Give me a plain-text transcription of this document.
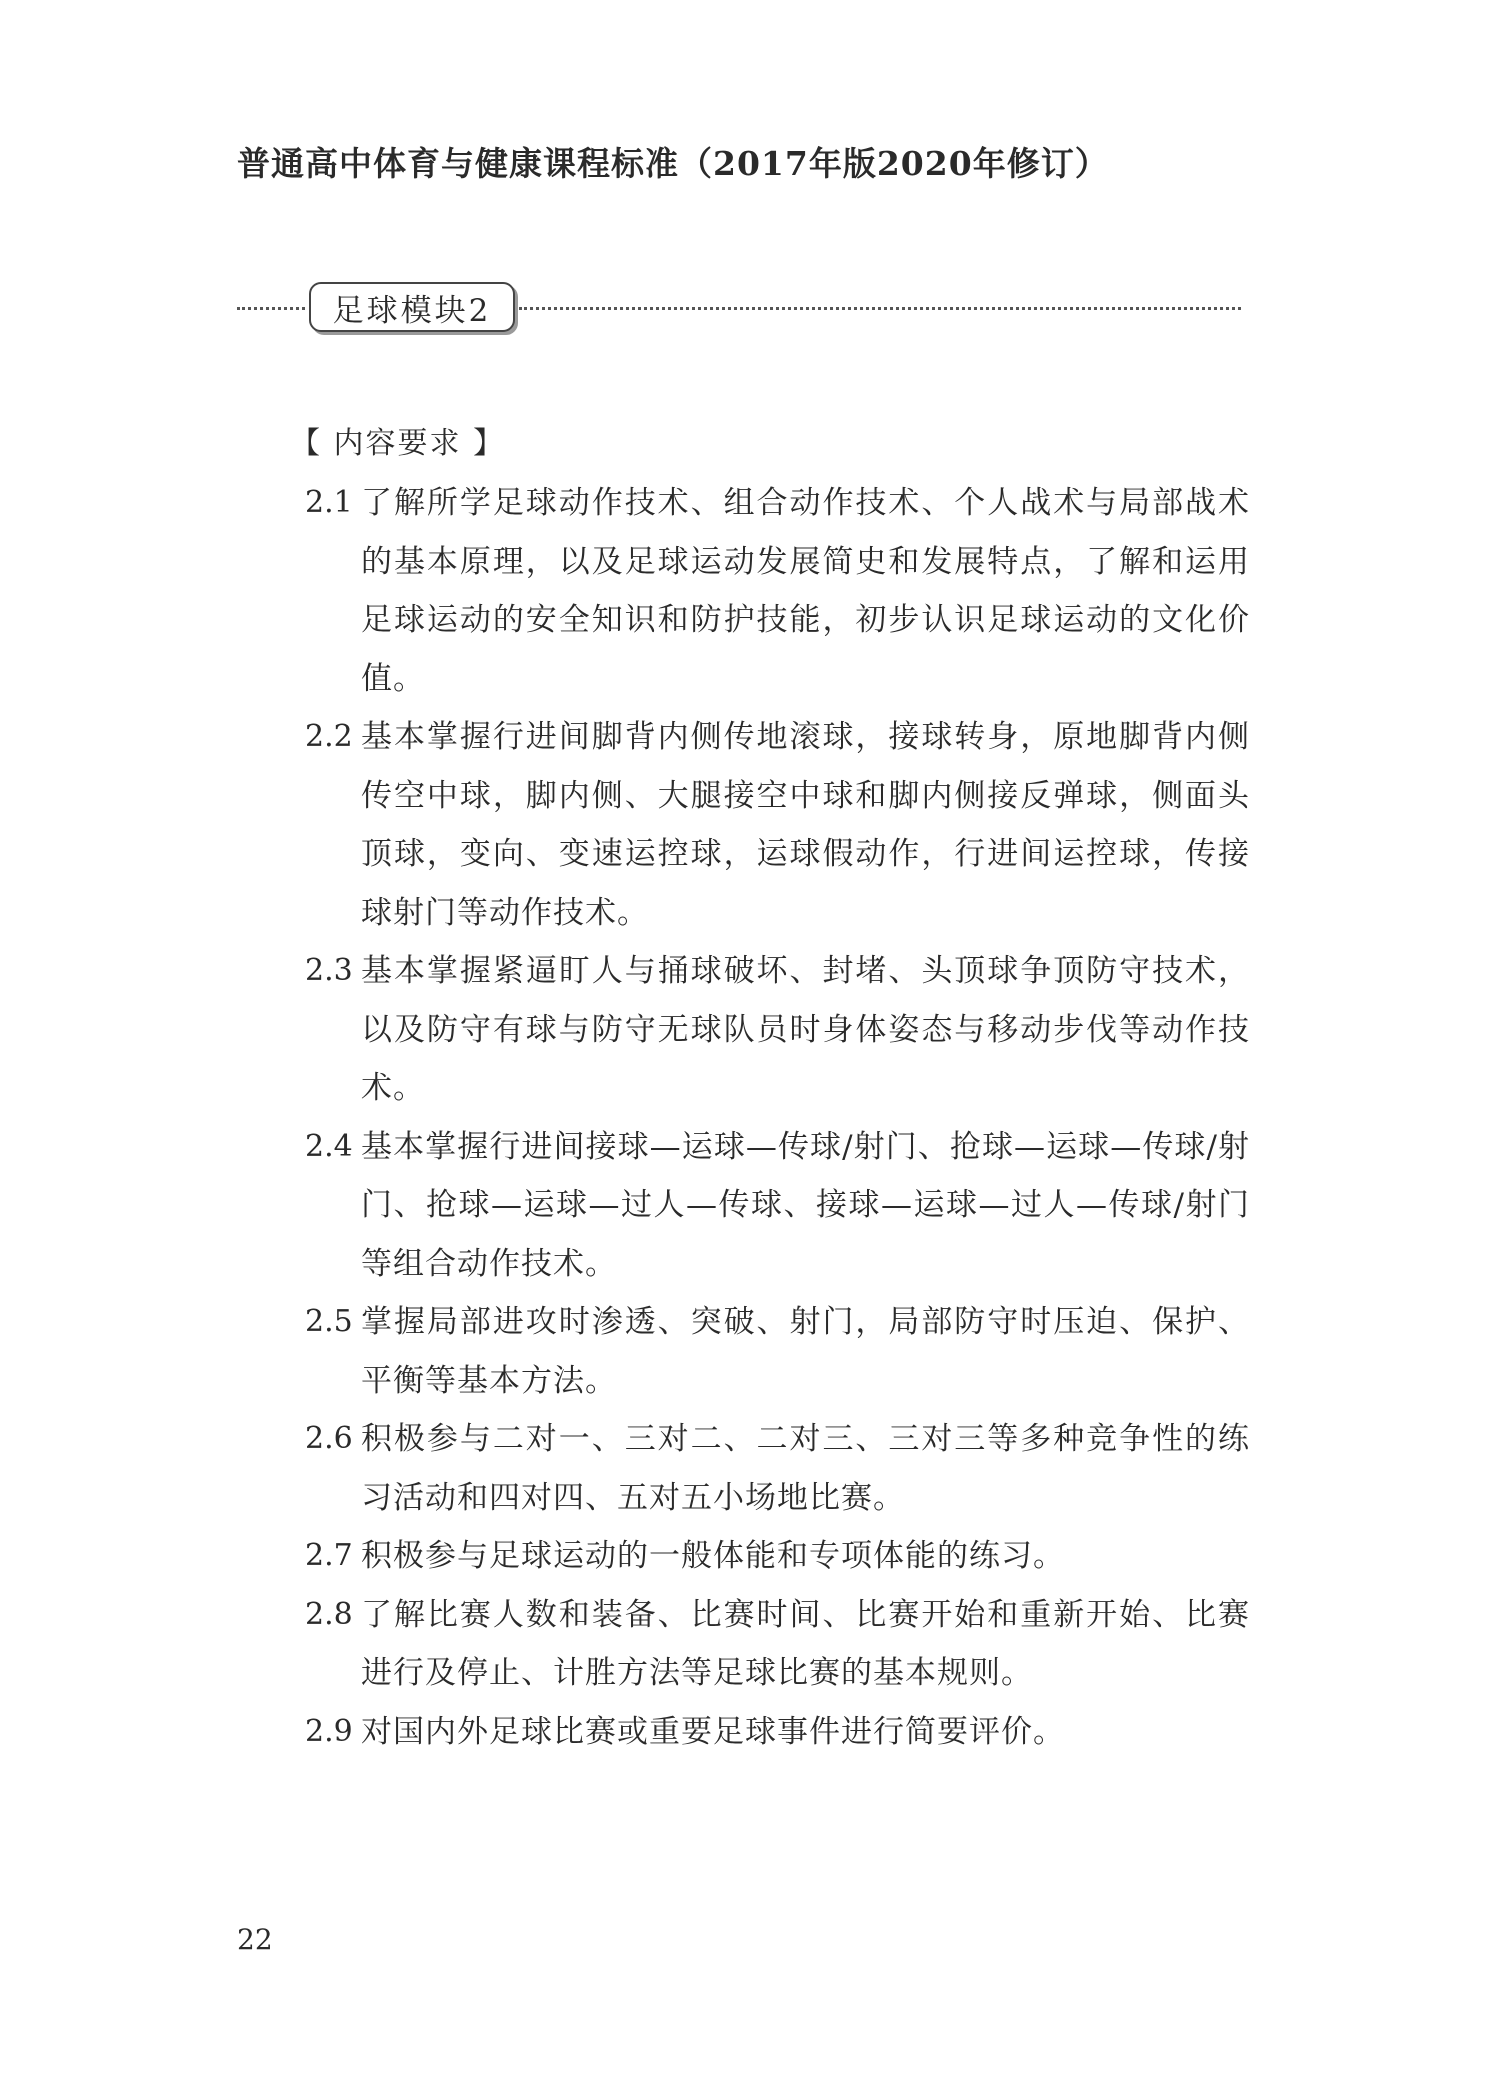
普通高中体育与健康课程标准（2017年版2020年修订）
足球模块2
【 内容要求 】
2.1 了解所学足球动作技术、组合动作技术、个人战术与局部战术的基本原理，以及足球运动发展简史和发展特点，了解和运用足球运动的安全知识和防护技能，初步认识足球运动的文化价值。
2.2 基本掌握行进间脚背内侧传地滚球，接球转身，原地脚背内侧传空中球，脚内侧、大腿接空中球和脚内侧接反弹球，侧面头顶球，变向、变速运控球，运球假动作，行进间运控球，传接球射门等动作技术。
2.3 基本掌握紧逼盯人与捅球破坏、封堵、头顶球争顶防守技术，以及防守有球与防守无球队员时身体姿态与移动步伐等动作技术。
2.4 基本掌握行进间接球—运球—传球/射门、抢球—运球—传球/射门、抢球—运球—过人—传球、接球—运球—过人—传球/射门等组合动作技术。
2.5 掌握局部进攻时渗透、突破、射门，局部防守时压迫、保护、平衡等基本方法。
2.6 积极参与二对一、三对二、二对三、三对三等多种竞争性的练习活动和四对四、五对五小场地比赛。
2.7 积极参与足球运动的一般体能和专项体能的练习。
2.8 了解比赛人数和装备、比赛时间、比赛开始和重新开始、比赛进行及停止、计胜方法等足球比赛的基本规则。
2.9 对国内外足球比赛或重要足球事件进行简要评价。
22
